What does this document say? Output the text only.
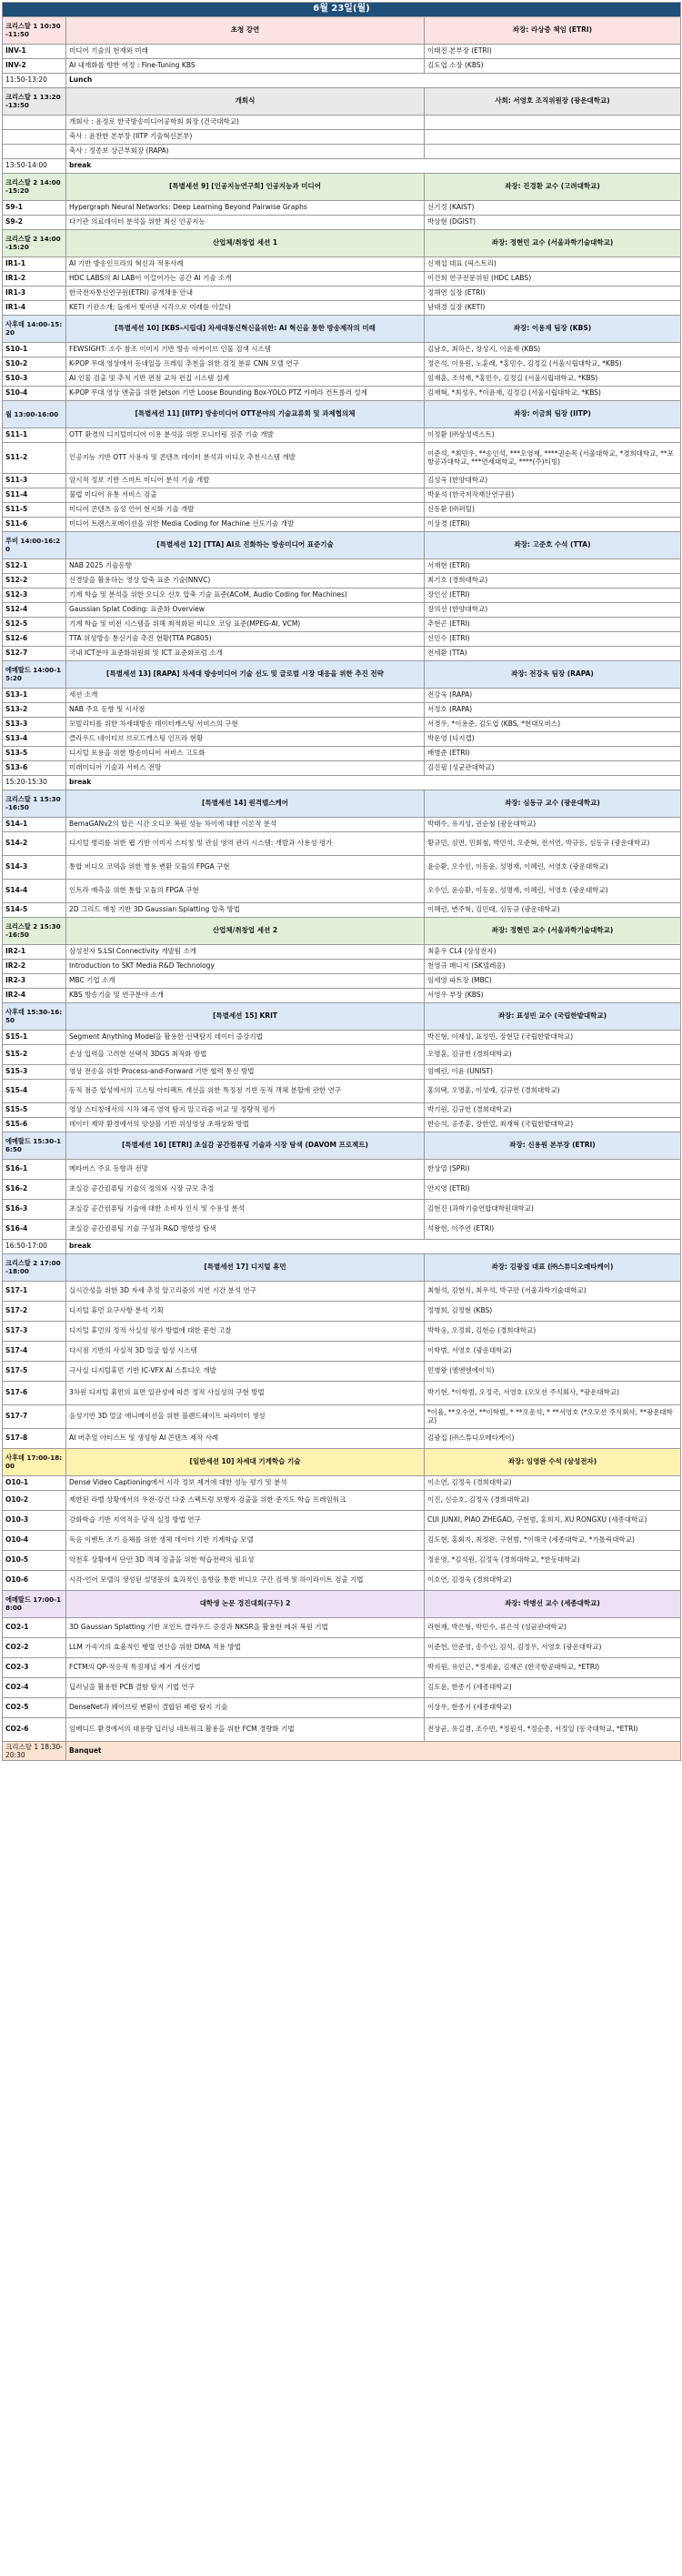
6월 23일(월)		
크리스탈 1 10:30-11:50	초청 강연	좌장: 라상중 책임 (ETRI)
INV-1	미디어 기술의 현재와 미래	이태진 본부장 (ETRI)
INV-2	AI 내재화를 향한 여정 : Fine-Tuning KBS	김도엽 소장 (KBS)
11:50-13:20	Lunch	
크리스탈 1 13:20-13:50	개회식	사회: 서영호 조직위원장 (광운대학교)
	개회사 : 윤정로 한국방송미디어공학회 회장 (건국대학교)	
	축사 : 윤찬한 본부장 (IITP 기술혁신본부)	
	축사 : 정종보 상근부회장 (RAPA)	
13:50-14:00	break	
크리스탈 2 14:00-15:20	[특별세션 9] [인공지능연구회] 인공지능과 미디어	좌장: 진경환 교수 (고려대학교)
S9-1	Hypergraph Neural Networks: Deep Learning Beyond Pairwise Graphs	신기정 (KAIST)
S9-2	다기관 의료데이터 분석을 위한 최신 인공지능	박상현 (DGIST)
크리스탈 2 14:00-15:20	산업체/취창업 세션 1	좌장: 정현민 교수 (서울과학기술대학교)
IR1-1	AI 기반 방송인프라의 혁신과 적용사례	신재섭 대표 (픽스트리)
IR1-2	HDC LABS의 AI LAB이 이끌어가는 공간 AI 기술 소개	이건희 연구전문위원 (HDC LABS)
IR1-3	한국전자통신연구원(ETRI) 공개채용 안내	정해연 실장 (ETRI)
IR1-4	KETI 기관소개; 돌에서 빛어낸 시각으로 미래를 이끌다	남대경 실장 (KETI)
사후데 14:00-15:20	[특별세션 10] [KBS-시립대] 차세대통신혁신을위한: AI 혁신을 통한 방송제작의 미래	좌장: 이용재 팀장 (KBS)
S10-1	FEWSIGHT: 소수 참조 이미지 기반 방송 아카이브 인물 검색 시스템	김남호, 최하은, 장성지, 이윤재 (KBS)
S10-2	K-POP 무대 영상에서 등네일을 프레임 추천을 위한 검정 분류 CNN 모델 연구	정은석, 이용원, 노훈래, *홍민수, 김정길 (서울시립대학교, *KBS)
S10-3	AI 인물 검출 및 추적 기반 편점 교차 편집 시스템 설계	임재훈, 조석재, *홍민수, 김정길 (서울시립대학교, *KBS)
S10-4	K-POP 무대 영상 앤출을 위한 Jetson 기반 Loose Bounding Box-YOLO PTZ 카메라 컨트롤러 설계	김재혁, *최성우, *이윤재, 김정길 (서울시립대학교, *KBS)
월 13:00-16:00	[특별세션 11] [IITP] 방송미디어 OTT분야의 기술교류회 및 과제협의체	좌장: 이금희 팀장 (IITP)
S11-1	OTT 환경의 디지털미디어 이용 분석을 위한 모니터링 검증 기술 개발	이정환 (㈜삼성넥스트)
S11-2	인공지능 기반 OTT 사용자 및 콘텐츠 데이터 분석과 비디오 추천시스템 개발	이준석, *최민우, **송인석, ***오영재, ****권순목 (서울대학교, *경희대학교, **포항공과대학교, ***연세대학교, ****(주)티빙)
S11-3	암시적 정보 기반 스마트 미디어 분석 기술 개발	김성욱 (한양대학교)
S11-4	불법 미디어 유통 서비스 검출	박윤석 (한국저작재산연구원)
S11-5	미디어 콘텐츠 음성 언어 현지화 기술 개발	신동환 (㈜퍼틸)
S11-6	미디어 트랜스포메이션을 위한 Media Coding for Machine 선도기술 개발	이상경 (ETRI)
루비 14:00-16:20	[특별세션 12] [TTA] AI로 진화하는 방송미디어 표준기술	좌장: 고준호 수석 (TTA)
S12-1	NAB 2025 기술동향	서재현 (ETRI)
S12-2	신경망을 활용하는 영상 압축 표준 기술(NNVC)	최기호 (경희대학교)
S12-3	기계 학습 및 분석을 위한 오디오 신호 압축 기술 표준(ACoM, Audio Coding for Machines)	장인선 (ETRI)
S12-4	Gaussian Splat Coding: 표준화 Overview	장의선 (한양대학교)
S12-5	기계 학습 및 비전 시스템을 위해 최적화된 비디오 코딩 표준(MPEG-AI, VCM)	추현곤 (ETRI)
S12-6	TTA 위성방송 통신기술 추진 현황(TTA PG805)	신민수 (ETRI)
S12-7	국내 ICT분야 표준화위원회 및 ICT 표준화포럼 소개	전세환 (TTA)
에메랄드 14:00-15:20	[특별세션 13] [RAPA] 차세대 방송미디어 기술 선도 및 글로벌 시장 대응을 위한 추진 전략	좌장: 전강욱 팀장 (RAPA)
S13-1	세션 소개	전강욱 (RAPA)
S13-2	NAB 주요 동향 및 시사점	서정호 (RAPA)
S13-3	모빌리티를 위한 차세대방송 데이터캐스팅 서비스의 구현	서경우, *이용준, 김도엽 (KBS, *현대모비스)
S13-4	클라우드 네이티브 브로드캐스팅 인프라 현황	박운영 (디지캡)
S13-5	디지털 포용을 위한 방송미디어 서비스 고도화	배병준 (ETRI)
S13-6	미래미디어 기술과 서비스 전망	김진필 (성균관대학교)
15:20-15:30	break	
크리스탈 1 15:30-16:50	[특별세션 14] 원격텔스케어	좌장: 심동규 교수 (광운대학교)
S14-1	BemaGANv2의 합은 시간 오디오 복원 성능 차이에 대한 이론적 분석	박태수, 유지성, 권순철 (광운대학교)
S14-2	디지털 병리를 위한 웹 기반 이미지 스티칭 및 관심 영역 관리 시스템: 개발과 사용성 평가	황규민, 심면, 민회철, 박민석, 오준혁, 전서연, 박규동, 심동규 (광운대학교)
S14-3	통합 비디오 코덱을 위한 병용 변환 모듈의 FPGA 구현	윤승환, 오수인, 이동윤, 성명재, 이혜린, 서영호 (광운대학교)
S14-4	인트라 예측을 위한 통합 모듈의 FPGA 구현	오수인, 윤승환, 이동윤, 성명재, 이혜린, 서영호 (광운대학교)
S14-5	2D 그리드 매칭 기반 3D Gaussian Splatting 압축 방법	이혜린, 변주혁, 김민태, 심동규 (광운대학교)
크리스탈 2 15:30-16:50	산업체/취창업 세션 2	좌장: 정현민 교수 (서울과학기술대학교)
IR2-1	삼성전자 S.LSI Connectivity 개발팀 소개	최훈우 CL4 (삼성전자)
IR2-2	Introduction to SKT Media R&D Technology	천영규 매니저 (SK텔레콤)
IR2-3	MBC 기업 소개	임세영 파트장 (MBC)
IR2-4	KBS 방송기술 및 연구분야 소개	서영우 부장 (KBS)
사후데 15:30-16:50	[특별세션 15] KRIT	좌장: 표성빈 교수 (국립한밭대학교)
S15-1	Segment Anything Model을 활용한 선택탐지 데이터 증강기법	박진형, 이재성, 표성빈, 장현달 (국립한밭대학교)
S15-2	손상 입력을 고려한 선택적 3DGS 최적화 방법	오명훈, 김규헌 (경희대학교)
S15-3	영상 전송을 위한 Process-and-Forward 기반 협력 통신 방법	엄예린, 이윤 (UNIST)
S15-4	동적 점증 합성에서의 고스팅 아티팩트 개선을 위한 특징점 기반 동적 객체 분할에 관한 연구	홍의택, 오명훈, 이성예, 김규헌 (경희대학교)
S15-5	영상 스티칭에서의 시차 왜곡 영역 탐지 알고리즘 비교 및 정량적 평가	박기원, 김규헌 (경희대학교)
S15-6	데이터 제약 환경에서의 양상블 기반 위성영상 초해상화 방법	한승석, 공종훈, 장한열, 최재혁 (국립한밭대학교)
에메랄드 15:30-16:50	[특별세션 16] [ETRI] 초실감 공간컴퓨팅 기술과 시장 탐색 (DAVOM 프로젝트)	좌장: 신용원 본부장 (ETRI)
S16-1	메타버스 주요 동향과 전망	한상열 (SPRi)
S16-2	초실감 공간컴퓨팅 기술의 정의와 시장 규모 추정	안지영 (ETRI)
S16-3	초실감 공간컴퓨팅 기술에 대한 소비자 인식 및 수용성 분석	김현진 (과학기술연합대학원대학교)
S16-4	초실감 공간컴퓨팅 기술 구성과 R&D 방향성 탐색	석왕헌, 이주연 (ETRI)
16:50-17:00	break	
크리스탈 2 17:00-18:00	[특별세션 17] 디지털 휴먼	좌장: 김광집 대표 (㈜스튜디오메타케이)
S17-1	실시간성을 위한 3D 자세 추정 알고리즘의 지연 시간 분석 연구	최형석, 김현식, 최우석, 박구만 (서울과학기술대학교)
S17-2	디지털 휴먼 요구사항 분석 기획	정병희, 김정현 (KBS)
S17-3	디지털 휴먼의 정적 사실성 평가 방법에 대한 문헌 고찰	박학웅, 오정회, 김현승 (경희대학교)
S17-4	다시점 기반의 사실적 3D 얼굴 합성 시스템	이학범, 서영호 (광운대학교)
S17-5	극사실 디지털휴먼 기반 IC-VFX AI 스튜디오 개발	민병왕 (엠엔엔에이치)
S17-6	3차원 디지털 휴먼의 표면 일관성에 따른 정적 사실성의 구현 방법	박기현, *이학범, 오정국, 서영호 (오모션 주식회사, *광운대학교)
S17-7	음성기반 3D 얼굴 애니메이션을 위한 블렌드쉐이프 파라미터 생성	*이율, **오수연, **이학범, * **오운석, * **서영호 (*오모션 주식회사, **광운대학교)
S17-8	AI 버추얼 아티스트 및 생성형 AI 콘텐츠 제작 사례	김광집 (㈜스튜디오메타케이)
사후데 17:00-18:00	[일반세션 10] 차세대 기계학습 기술	좌장: 임영완 수석 (삼성전자)
O10-1	Dense Video Captioning에서 시각 정보 제거에 대한 성능 평가 및 분석	이소연, 김정욱 (경희대학교)
O10-2	제한된 라벨 상황에서의 우전-강건 다중 스펙트럼 보행자 검출을 위한 준지도 학습 프레임워크	이진, 신승호, 김정욱 (경희대학교)
O10-3	강화학습 기반 지역적응 당직 실정 방법 연구	CUI JUNXI, PIAO ZHEGAO, 구현범, 홍희지, XU RONGXU (세종대학교)
O10-4	독음 이벤트 조기 음체를 위한 생체 데이터 기반 기계학습 모델	김도현, 홍회지, 최정완, 구현범, *이해국 (세종대학교, *가톨릭대학교)
O10-5	악천후 상황에서 단안 3D 객체 검출을 위한 학습전략의 필요성	정운영, *김석원, 김정욱 (경희대학교, *한동대학교)
O10-6	시각-언어 모델의 생성된 설명문의 효과적인 음향을 통한 비디오 구간 검색 및 하이라이트 검출 기법	이호연, 김정욱 (경희대학교)
에메랄드 17:00-18:00	대학생 논문 경진대회(구두) 2	좌장: 박병선 교수 (세종대학교)
CO2-1	3D Gaussian Splatting 기반 포인트 클라우드 증강과 NKSR을 활용한 메쉬 복원 기법	라현재, 박은형, 박민수, 류은석 (성균관대학교)
CO2-2	LLM 가속기의 효율적인 행렬 연산을 위한 DMA 적용 방법	이준헌, 안준영, 송수인, 김석, 김정우, 서영호 (광운대학교)
CO2-3	FCTM의 QP-적응적 특징채널 제거 개선기법	박지원, 유인근, *정세윤, 김재곤 (한국항공대학교, *ETRI)
CO2-4	딥러닝을 활용한 PCB 결함 탐지 기법 연구	김도윤, 한종기 (세종대학교)
CO2-5	DenseNet과 웨이브릿 변환이 결합된 폐렴 탐지 기술	이상우, 한종기 (세종대학교)
CO2-6	임베디드 환경에서의 대용량 딥러닝 네트워크 활용을 위한 FCM 경량화 기법	전상균, 유길겸, 조수빈, *정원석, *정순종, 서정일 (동국대학교, *ETRI)
크리스탈 1 18:30-20:30	Banquet	
